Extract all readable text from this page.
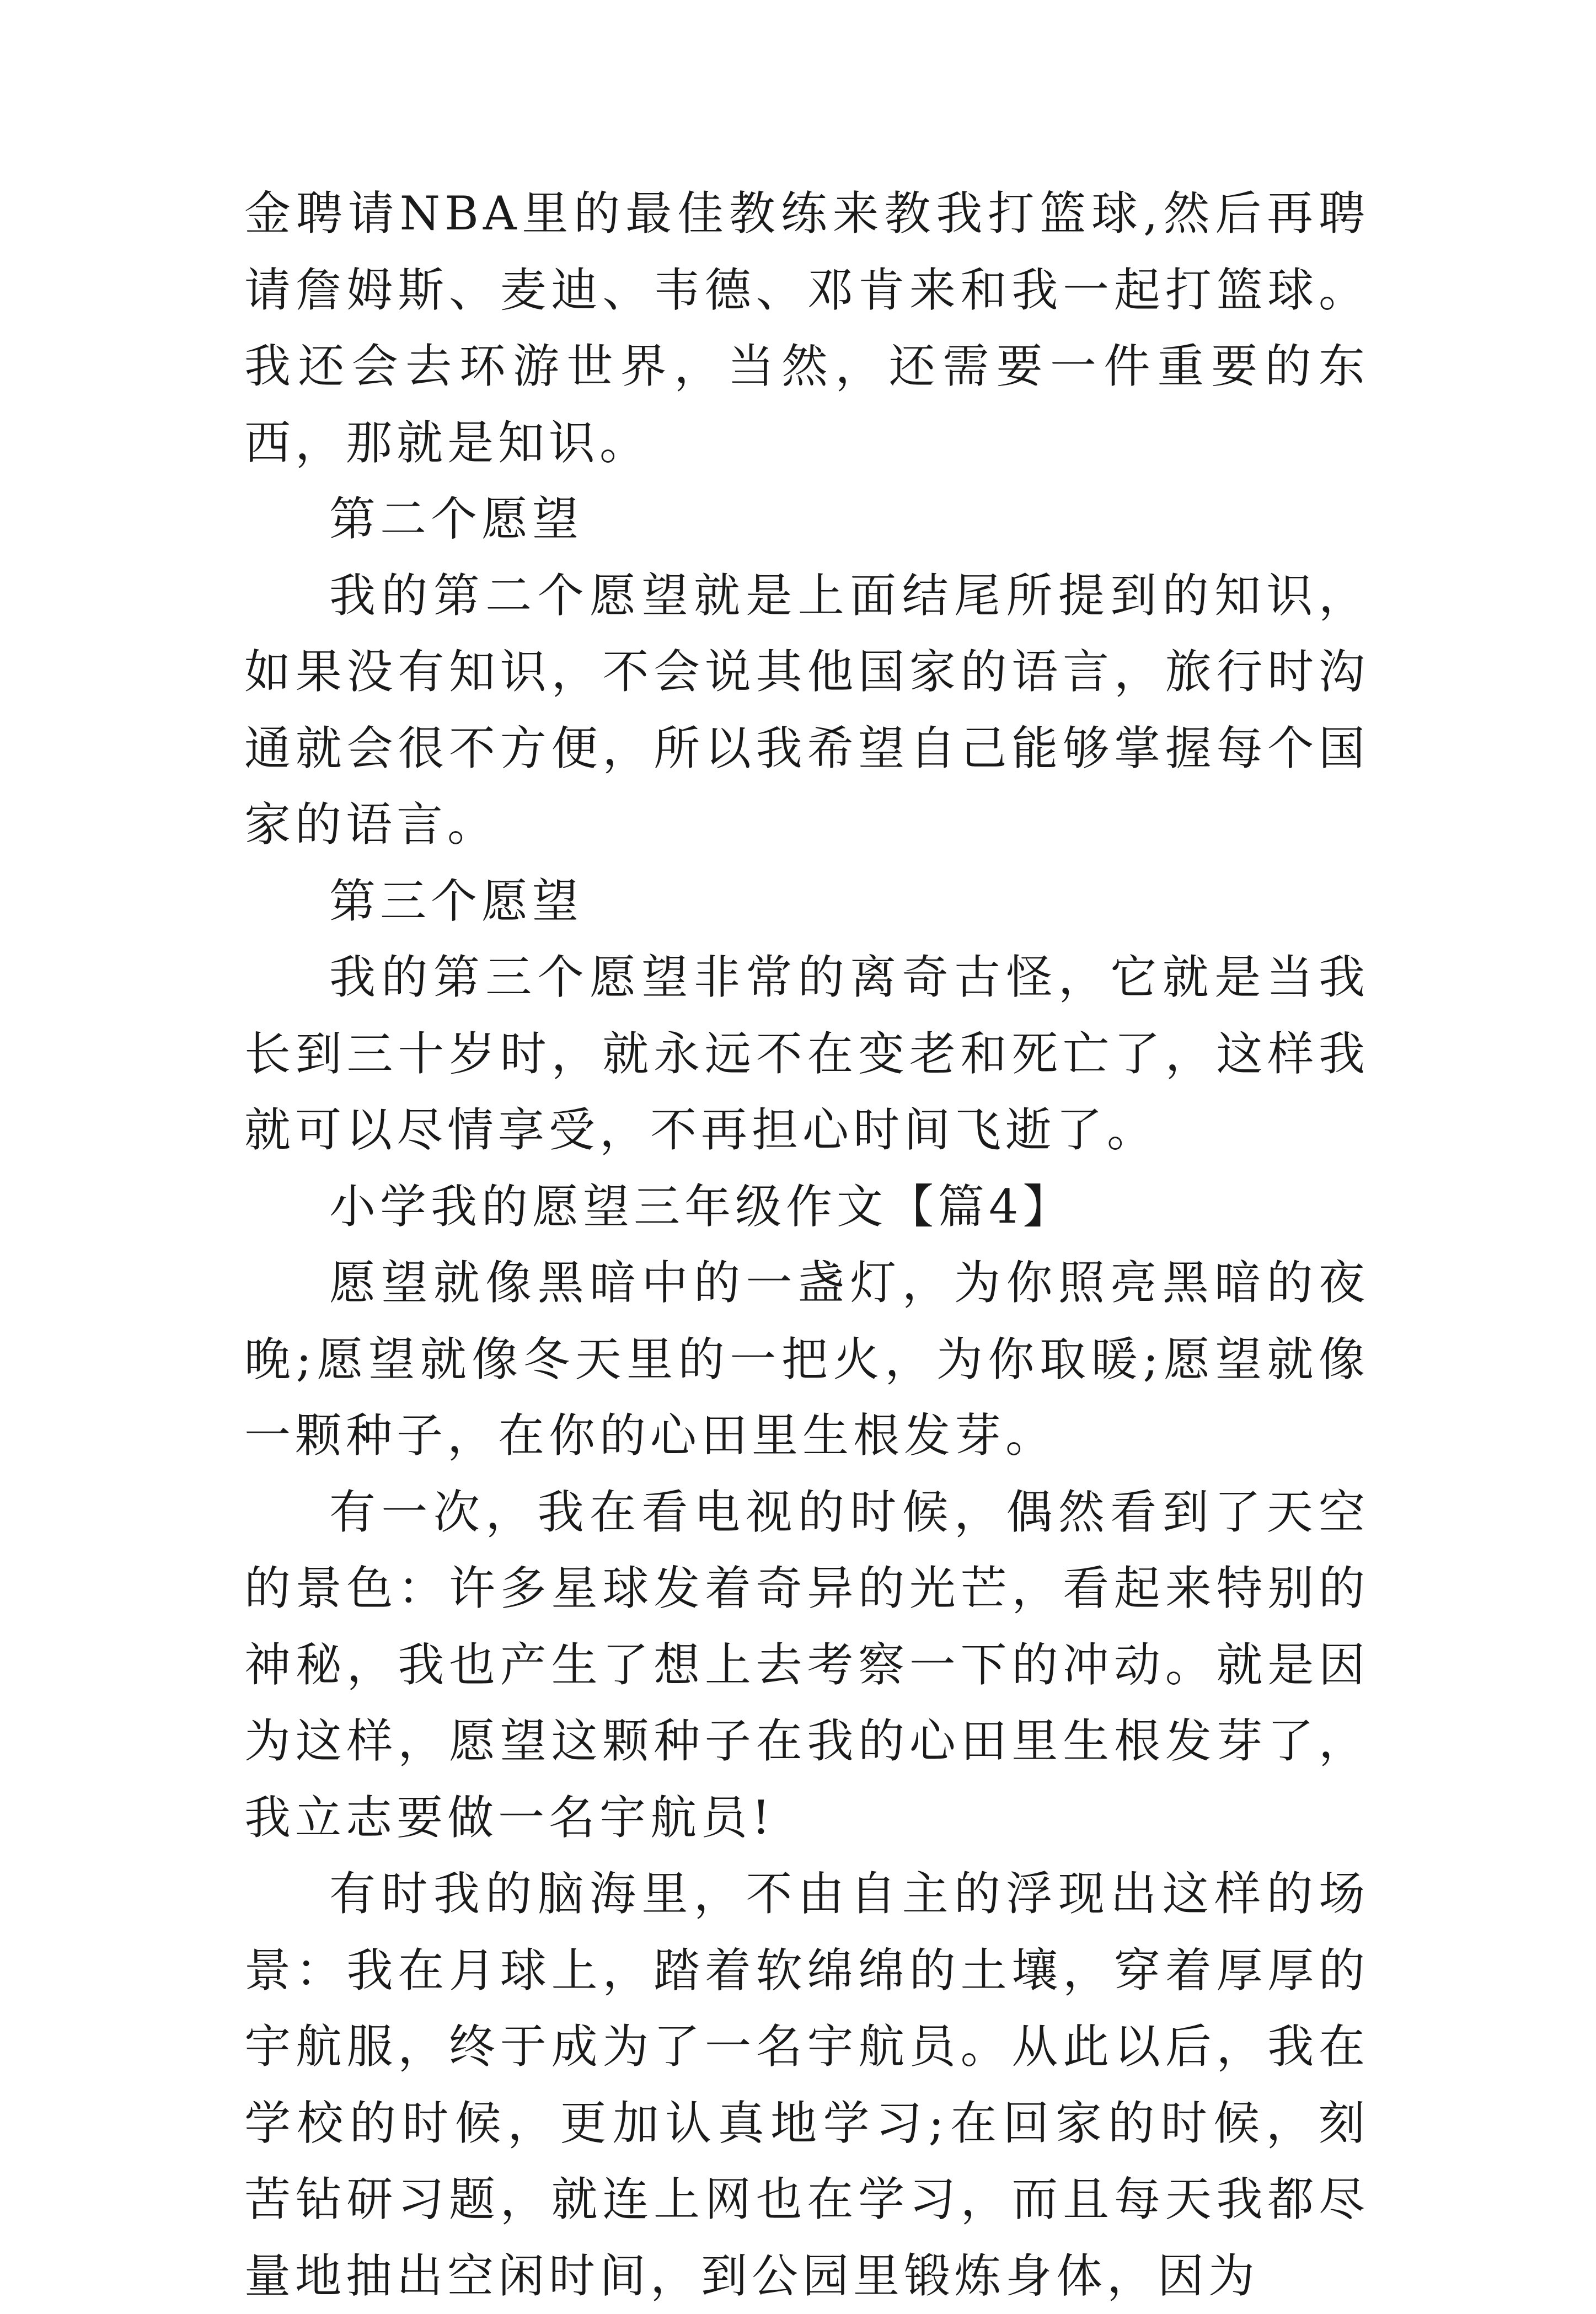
金聘请NBA里的最佳教练来教我打篮球,然后再聘请詹姆斯、麦迪、韦德、邓肯来和我一起打篮球。我还会去环游世界，当然，还需要一件重要的东西，那就是知识。

第二个愿望

我的第二个愿望就是上面结尾所提到的知识，如果没有知识，不会说其他国家的语言，旅行时沟通就会很不方便，所以我希望自己能够掌握每个国家的语言。

第三个愿望

我的第三个愿望非常的离奇古怪，它就是当我长到三十岁时，就永远不在变老和死亡了，这样我就可以尽情享受，不再担心时间飞逝了。

小学我的愿望三年级作文【篇4】

愿望就像黑暗中的一盏灯，为你照亮黑暗的夜晚;愿望就像冬天里的一把火，为你取暖;愿望就像一颗种子，在你的心田里生根发芽。

有一次，我在看电视的时候，偶然看到了天空的景色：许多星球发着奇异的光芒，看起来特别的神秘，我也产生了想上去考察一下的冲动。就是因为这样，愿望这颗种子在我的心田里生根发芽了，我立志要做一名宇航员!

有时我的脑海里，不由自主的浮现出这样的场景：我在月球上，踏着软绵绵的土壤，穿着厚厚的宇航服，终于成为了一名宇航员。从此以后，我在学校的时候，更加认真地学习;在回家的时候，刻苦钻研习题，就连上网也在学习，而且每天我都尽量地抽出空闲时间，到公园里锻炼身体，因为
